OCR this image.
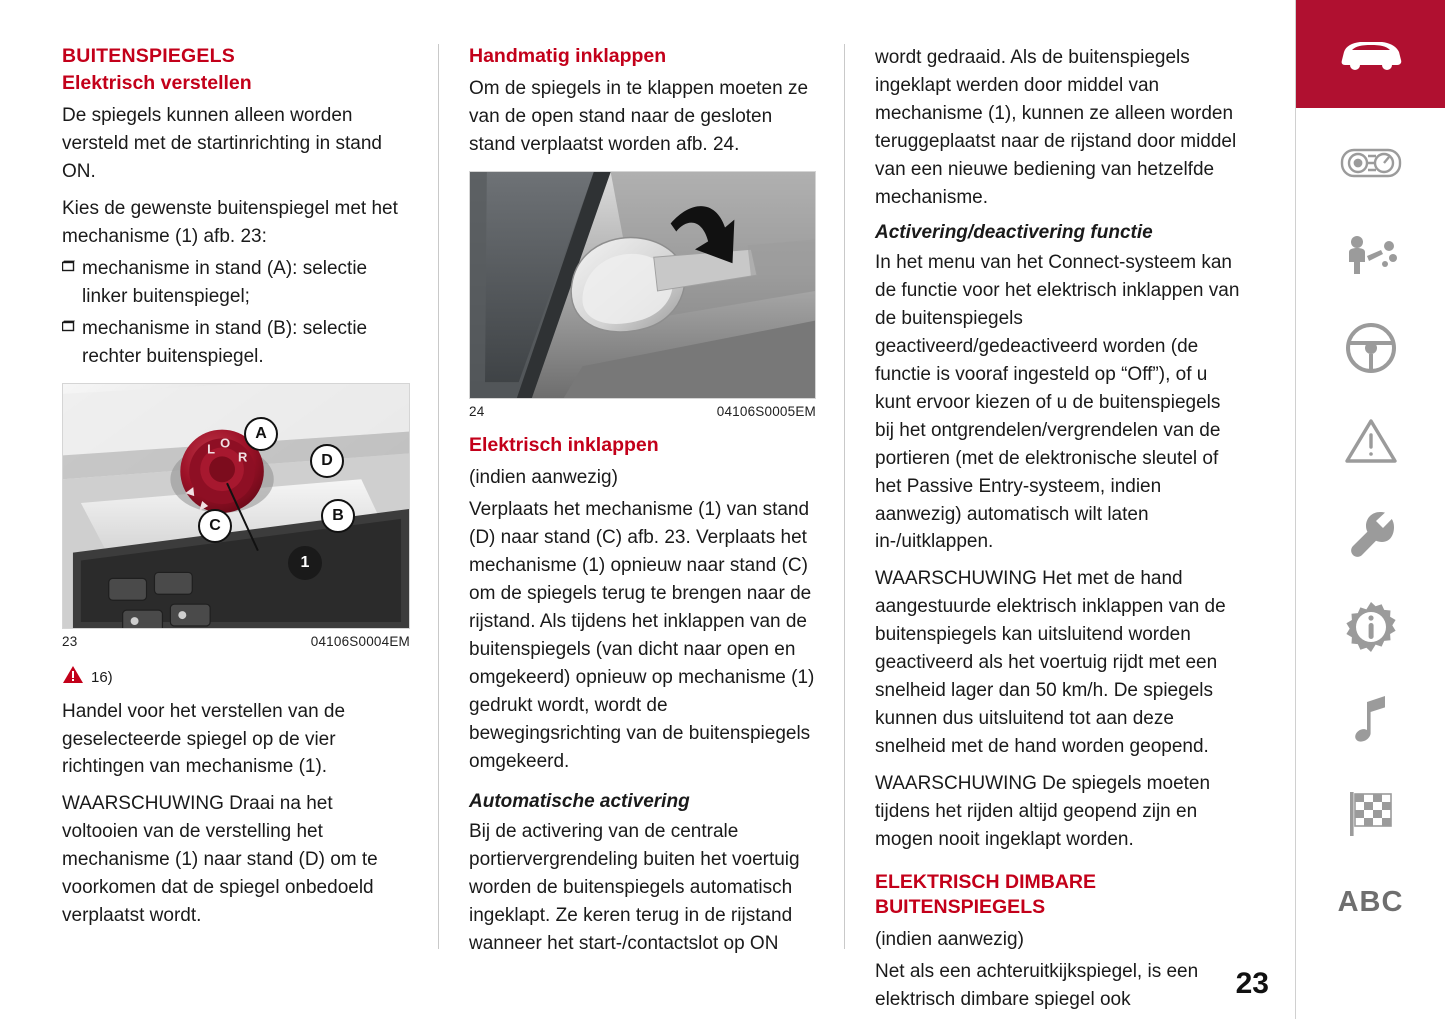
BUITENSPIEGELS
Elektrisch verstellen

De spiegels kunnen alleen worden versteld met de startinrichting in stand ON.

Kies de gewenste buitenspiegel met het mechanisme (1) afb. 23:

mechanisme in stand (A): selectie linker buitenspiegel;
mechanisme in stand (B): selectie rechter buitenspiegel.
L O
R
A
D
B
C
1
23	04106S0004EM
16)

Handel voor het verstellen van de geselecteerde spiegel op de vier richtingen van mechanisme (1).

WAARSCHUWING Draai na het voltooien van de verstelling het mechanisme (1) naar stand (D) om te voorkomen dat de spiegel onbedoeld verplaatst wordt.

Handmatig inklappen

Om de spiegels in te klappen moeten ze van de open stand naar de gesloten stand verplaatst worden afb. 24.

24	04106S0005EM
Elektrisch inklappen

(indien aanwezig)

Verplaats het mechanisme (1) van stand (D) naar stand (C) afb. 23. Verplaats het mechanisme (1) opnieuw naar stand (C) om de spiegels terug te brengen naar de rijstand. Als tijdens het inklappen van de buitenspiegels (van dicht naar open en omgekeerd) opnieuw op mechanisme (1) gedrukt wordt, wordt de bewegingsrichting van de buitenspiegels omgekeerd.

Automatische activering

Bij de activering van de centrale portiervergrendeling buiten het voertuig worden de buitenspiegels automatisch ingeklapt. Ze keren terug in de rijstand wanneer het start-/contactslot op ON

wordt gedraaid. Als de buitenspiegels ingeklapt werden door middel van mechanisme (1), kunnen ze alleen worden teruggeplaatst naar de rijstand door middel van een nieuwe bediening van hetzelfde mechanisme.

Activering/deactivering functie

In het menu van het Connect-systeem kan de functie voor het elektrisch inklappen van de buitenspiegels geactiveerd/gedeactiveerd worden (de functie is vooraf ingesteld op “Off”), of u kunt ervoor kiezen of u de buitenspiegels bij het ontgrendelen/vergrendelen van de portieren (met de elektronische sleutel of het Passive Entry-systeem, indien aanwezig) automatisch wilt laten in-/uitklappen.

WAARSCHUWING Het met de hand aangestuurde elektrisch inklappen van de buitenspiegels kan uitsluitend worden geactiveerd als het voertuig rijdt met een snelheid lager dan 50 km/h. De spiegels kunnen dus uitsluitend tot aan deze snelheid met de hand worden geopend.

WAARSCHUWING De spiegels moeten tijdens het rijden altijd geopend zijn en mogen nooit ingeklapt worden.

ELEKTRISCH DIMBARE BUITENSPIEGELS

(indien aanwezig)

Net als een achteruitkijkspiegel, is een elektrisch dimbare spiegel ook	23
ABC
